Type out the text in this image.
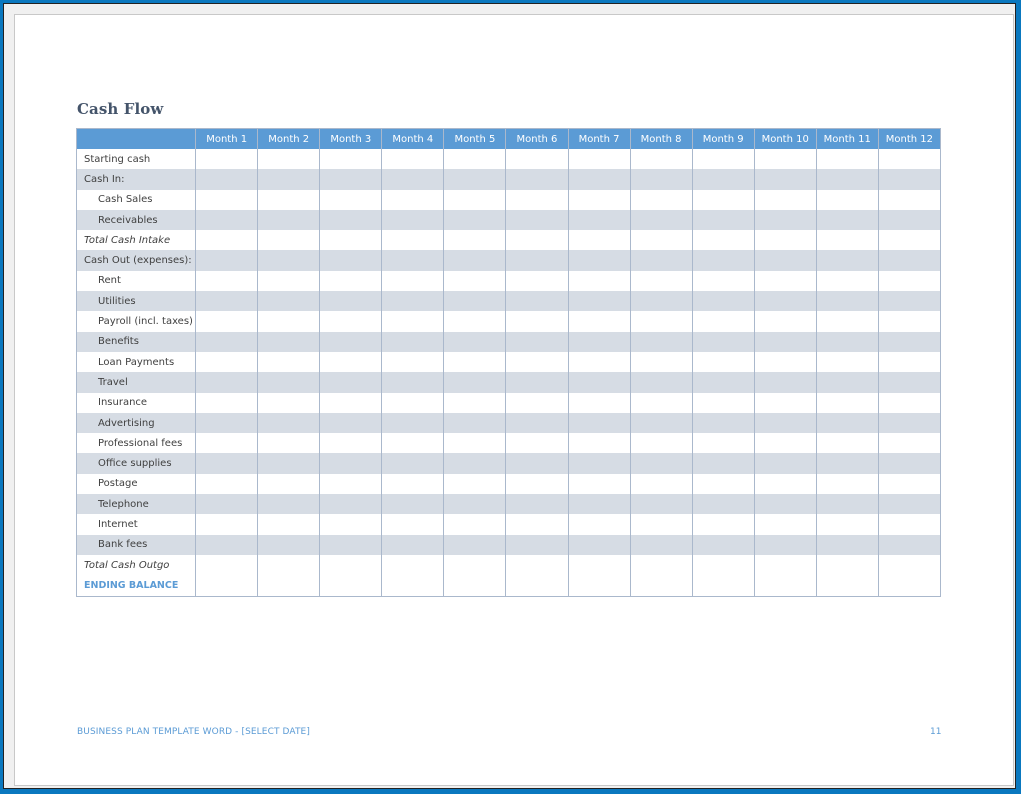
Cash Flow
	Month 1	Month 2	Month 3	Month 4	Month 5	Month 6	Month 7	Month 8	Month 9	Month 10	Month 11	Month 12
Starting cash												
Cash In:												
Cash Sales												
Receivables												
Total Cash Intake												
Cash Out (expenses):												
Rent												
Utilities												
Payroll (incl. taxes)												
Benefits												
Loan Payments												
Travel												
Insurance												
Advertising												
Professional fees												
Office supplies												
Postage												
Telephone												
Internet												
Bank fees												
Total Cash Outgo												
ENDING BALANCE												
BUSINESS PLAN TEMPLATE WORD - [SELECT DATE]	11
